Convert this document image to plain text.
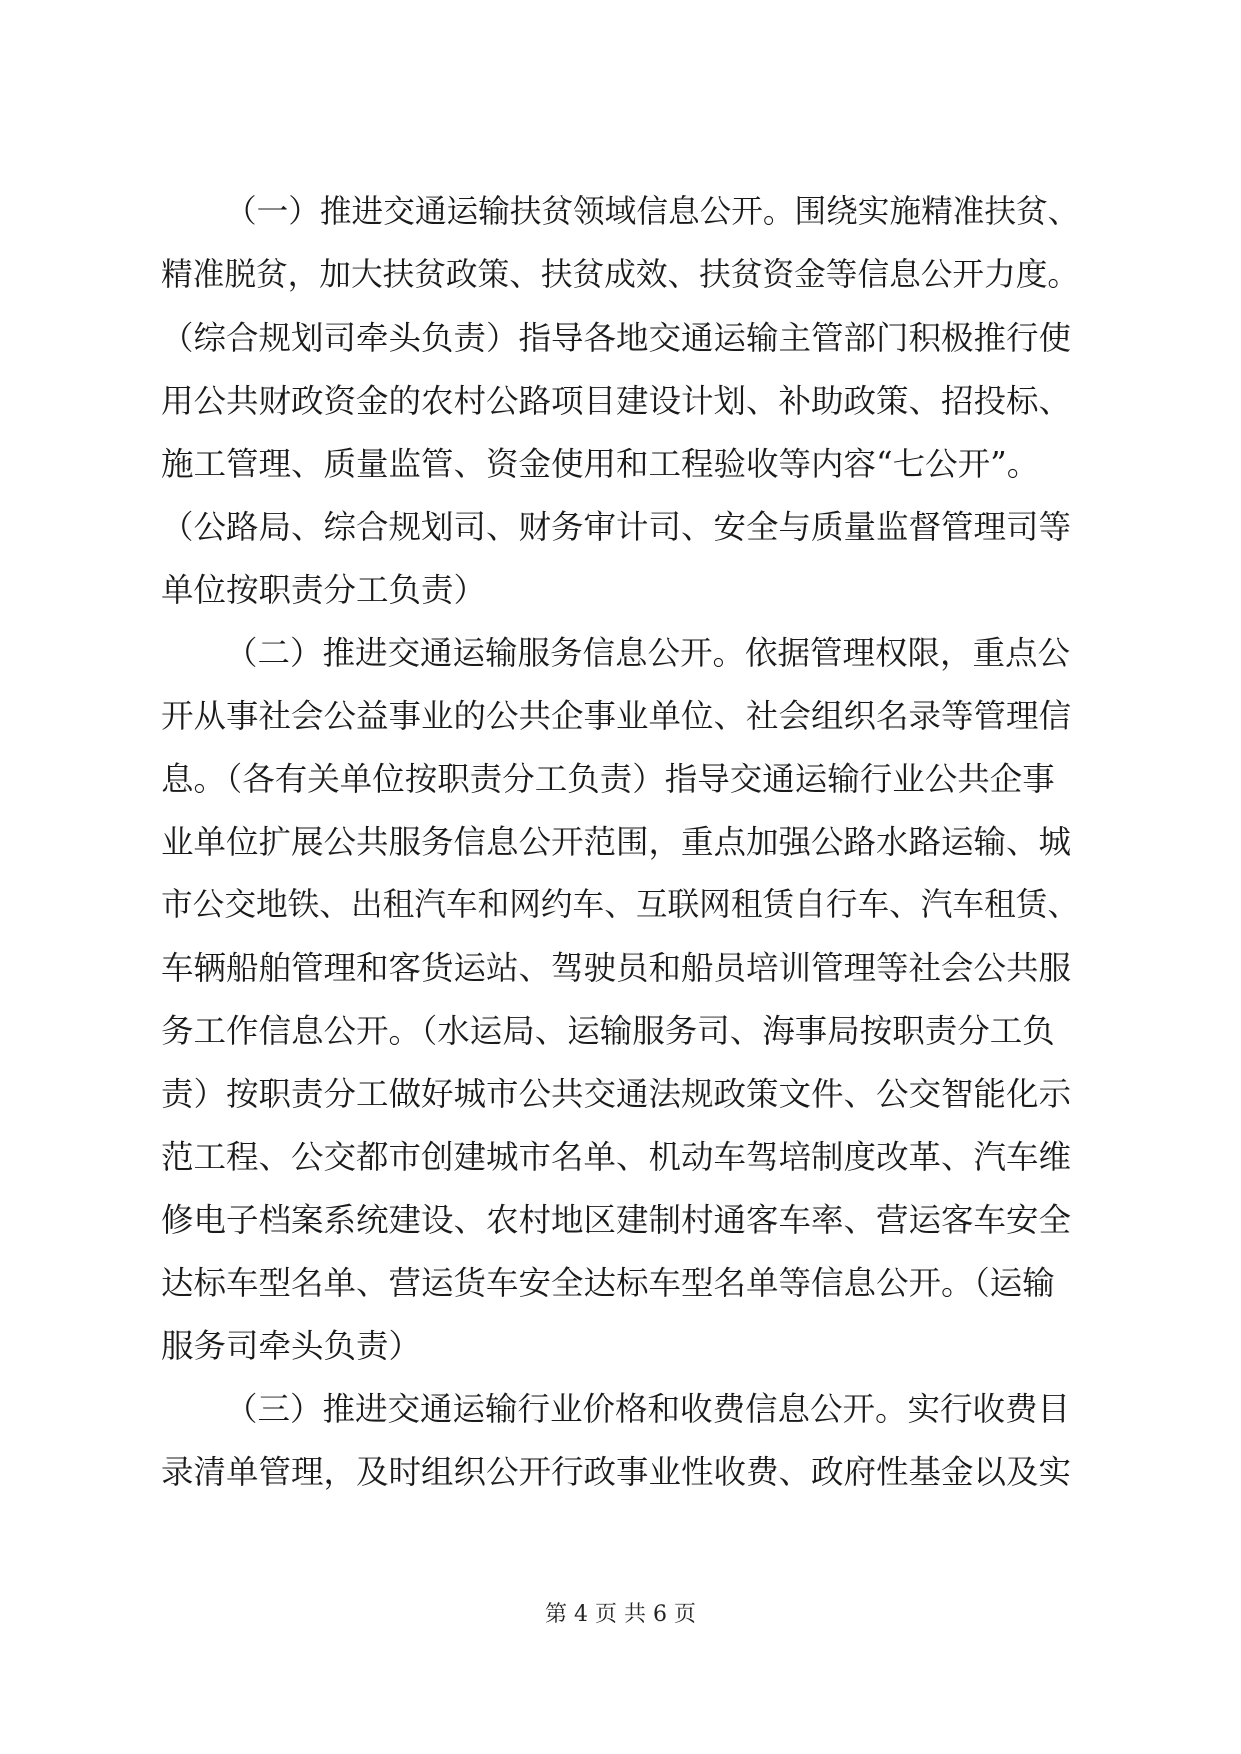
（一）推进交通运输扶贫领域信息公开。围绕实施精准扶贫、
精准脱贫，加大扶贫政策、扶贫成效、扶贫资金等信息公开力度。
（综合规划司牵头负责）指导各地交通运输主管部门积极推行使
用公共财政资金的农村公路项目建设计划、补助政策、招投标、
施工管理、质量监管、资金使用和工程验收等内容“七公开”。
（公路局、综合规划司、财务审计司、安全与质量监督管理司等
单位按职责分工负责）
（二）推进交通运输服务信息公开。依据管理权限，重点公
开从事社会公益事业的公共企事业单位、社会组织名录等管理信
息。（各有关单位按职责分工负责）指导交通运输行业公共企事
业单位扩展公共服务信息公开范围，重点加强公路水路运输、城
市公交地铁、出租汽车和网约车、互联网租赁自行车、汽车租赁、
车辆船舶管理和客货运站、驾驶员和船员培训管理等社会公共服
务工作信息公开。（水运局、运输服务司、海事局按职责分工负
责）按职责分工做好城市公共交通法规政策文件、公交智能化示
范工程、公交都市创建城市名单、机动车驾培制度改革、汽车维
修电子档案系统建设、农村地区建制村通客车率、营运客车安全
达标车型名单、营运货车安全达标车型名单等信息公开。（运输
服务司牵头负责）
（三）推进交通运输行业价格和收费信息公开。实行收费目
录清单管理，及时组织公开行政事业性收费、政府性基金以及实
第 4 页 共 6 页
